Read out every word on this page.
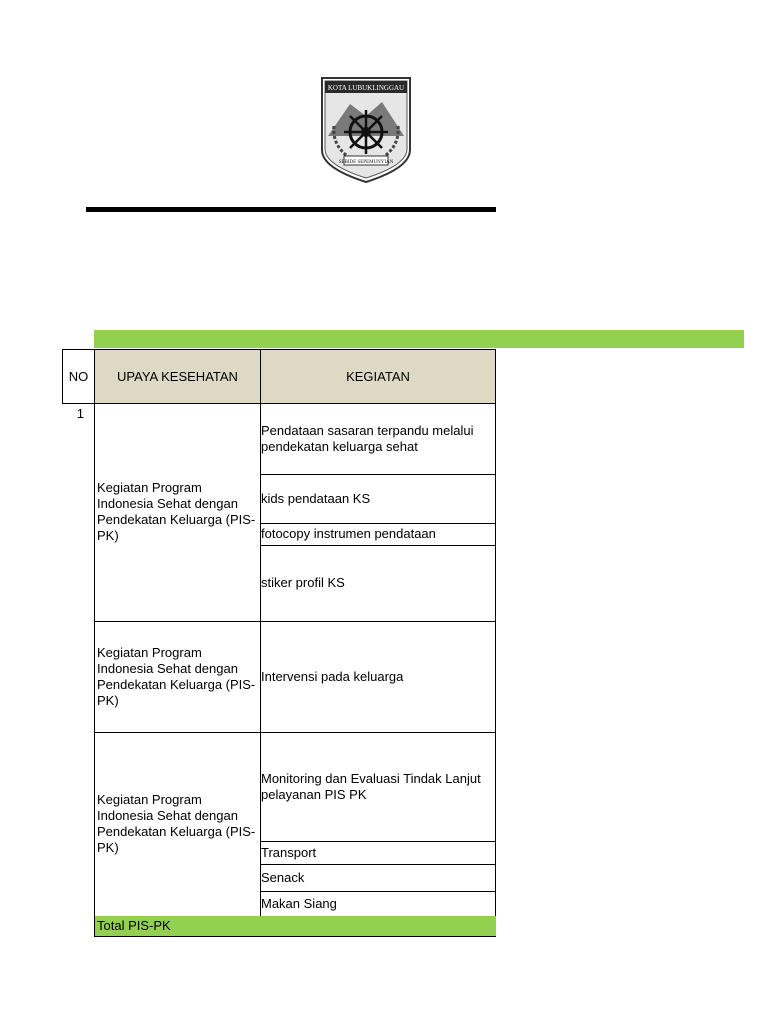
KOTA LUBUKLINGGAU
SEBIDE SEPEMUNYIAN
NO	UPAYA KESEHATAN	KEGIATAN
1
Kegiatan Program Indonesia Sehat dengan Pendekatan Keluarga (PIS-PK)
Pendataan sasaran terpandu melalui pendekatan keluarga sehat
kids pendataan KS
fotocopy instrumen pendataan
stiker profil KS
Kegiatan Program Indonesia Sehat dengan Pendekatan Keluarga (PIS-PK)
Intervensi pada keluarga
Kegiatan Program Indonesia Sehat dengan Pendekatan Keluarga (PIS-PK)
Monitoring dan Evaluasi Tindak Lanjut pelayanan PIS PK
Transport
Senack
Makan Siang
Total PIS-PK
